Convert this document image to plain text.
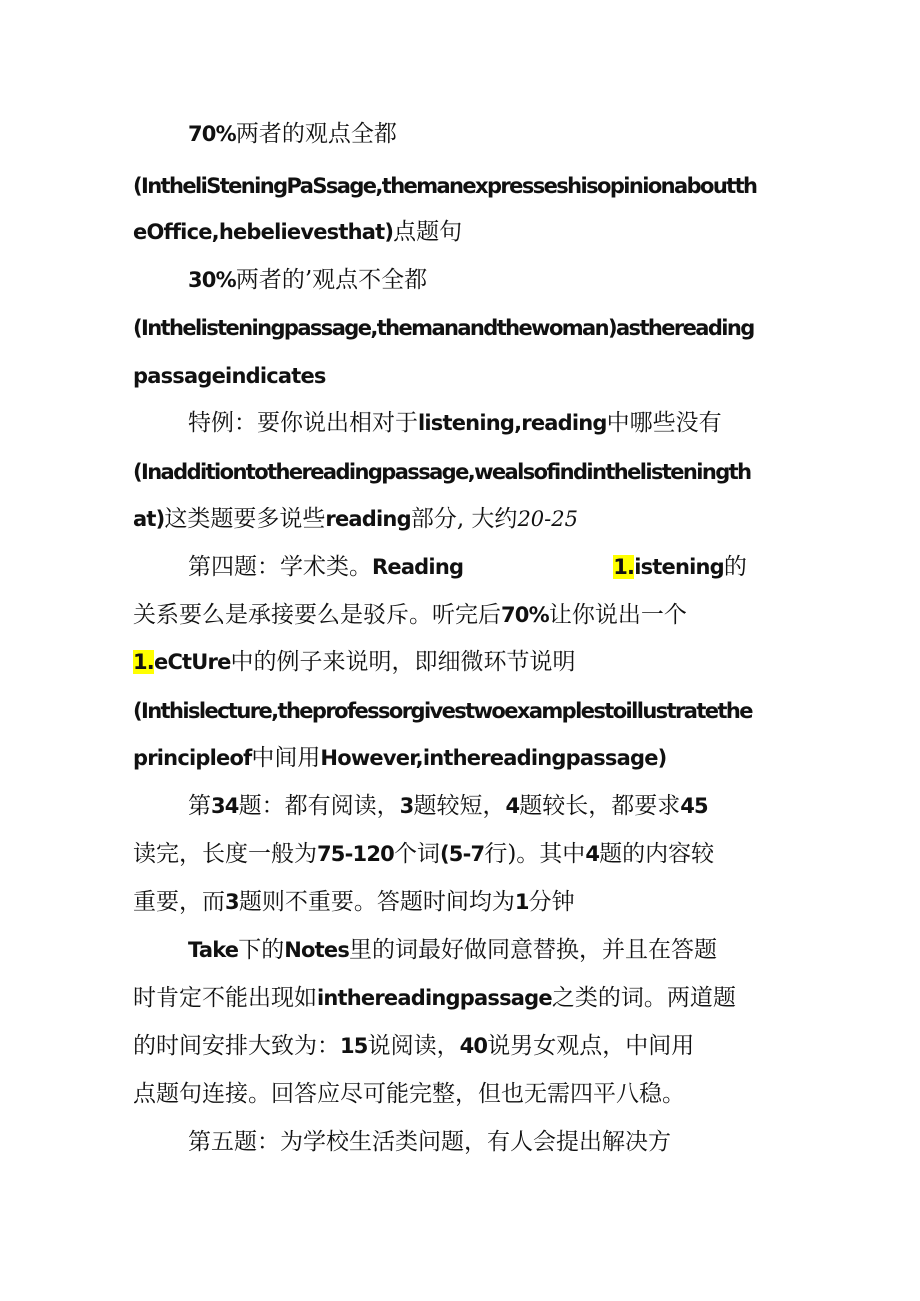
70%两者的观点全都
(IntheliSteningPaSsage,themanexpresseshisopinionaboutth
eOffice,hebelievesthat)点题句
30%两者的’观点不全都
(Inthelisteningpassage,themanandthewoman)asthereading
passageindicates
特例：要你说出相对于listening,reading中哪些没有
(Inadditiontothereadingpassage,wealsofindinthelisteningth
at)这类题要多说些reading部分, 大约20-25
第四题：学术类。Reading	1.istening的
关系要么是承接要么是驳斥。听完后70%让你说出一个
1.eCtUre中的例子来说明，即细微环节说明
(Inthislecture,theprofessorgivestwoexamplestoillustratethe
principleof中间用However,inthereadingpassage)
第34题：都有阅读，3题较短，4题较长，都要求45
读完，长度一般为75-120个词(5-7行)。其中4题的内容较
重要，而3题则不重要。答题时间均为1分钟
Take下的Notes里的词最好做同意替换，并且在答题
时肯定不能出现如inthereadingpassage之类的词。两道题
的时间安排大致为：15说阅读，40说男女观点，中间用
点题句连接。回答应尽可能完整，但也无需四平八稳。
第五题：为学校生活类问题，有人会提出解决方
